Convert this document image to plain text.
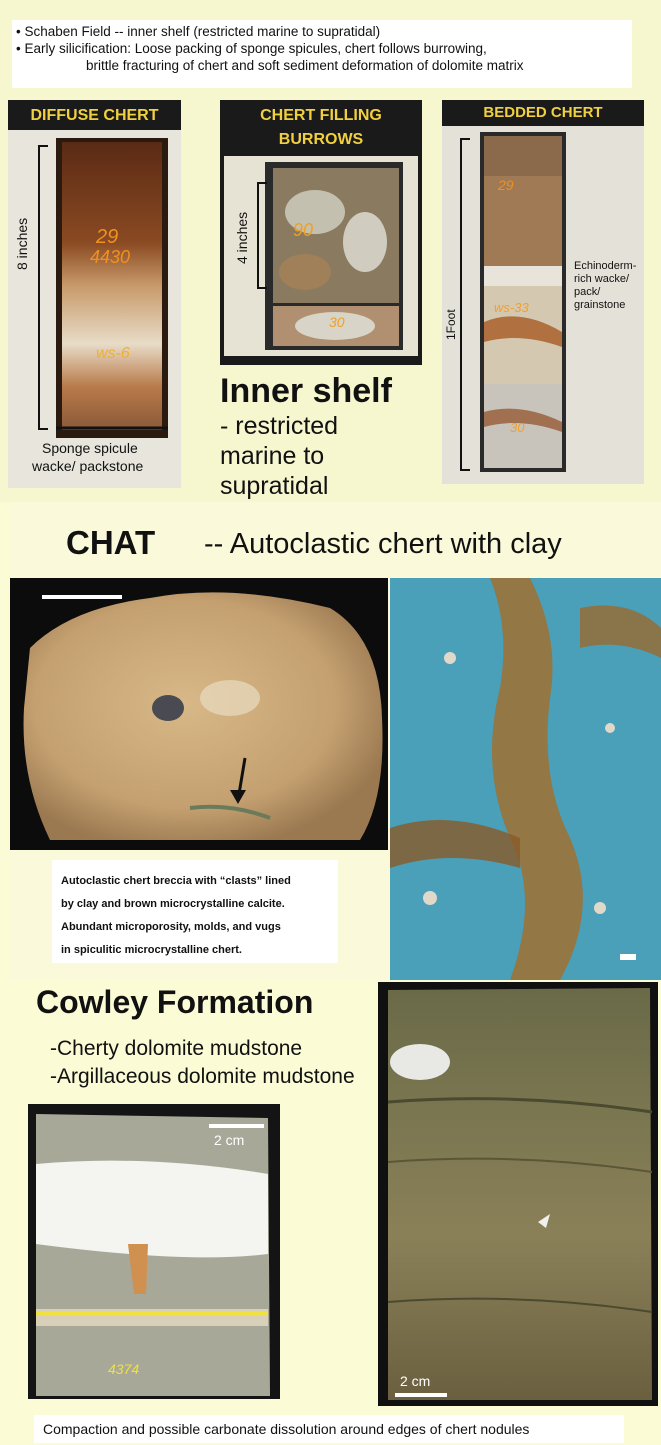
• Schaben Field -- inner shelf (restricted marine to supratidal)
• Early silicification: Loose packing of sponge spicules, chert follows burrowing,
brittle fracturing of chert and soft sediment deformation of dolomite matrix
DIFFUSE CHERT
29
4430
ws-6
8 inches
Sponge spicule
wacke/ packstone
CHERT FILLING
BURROWS
90
30
4 inches
BEDDED CHERT
29
ws-33
30
1Foot
Echinoderm-
rich wacke/
pack/
grainstone
Inner shelf
- restricted
marine to
supratidal
CHAT -- Autoclastic chert with clay
Autoclastic chert breccia with “clasts” lined
by clay and brown microcrystalline calcite.
Abundant microporosity, molds, and vugs
in spiculitic microcrystalline chert.
Cowley Formation
-Cherty dolomite mudstone
-Argillaceous dolomite mudstone
4374
2 cm
2 cm
Compaction and possible carbonate dissolution around edges of chert nodules
